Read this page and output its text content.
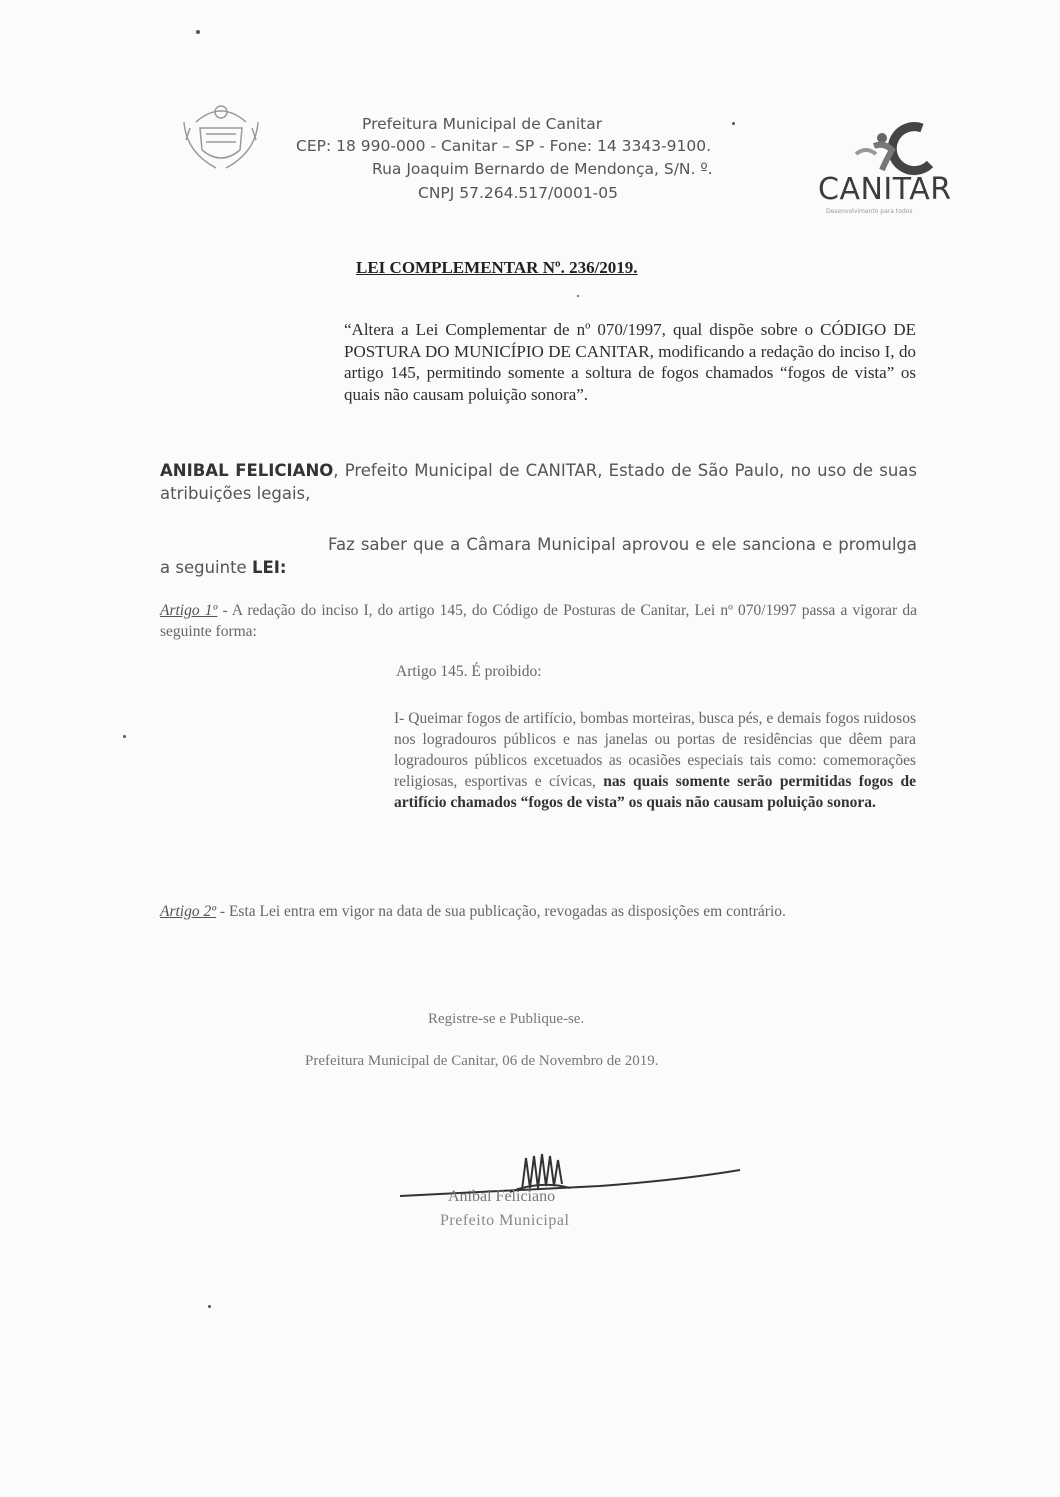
Prefeitura Municipal de Canitar
CEP: 18 990-000 - Canitar – SP - Fone: 14 3343-9100.
Rua Joaquim Bernardo de Mendonça, S/N. º.
CNPJ 57.264.517/0001-05	CANITAR
Desenvolvimento para todos
LEI COMPLEMENTAR Nº. 236/2019.
“Altera a Lei Complementar de nº 070/1997, qual dispõe sobre o CÓDIGO DE POSTURA DO MUNICÍPIO DE CANITAR, modificando a redação do inciso I, do artigo 145, permitindo somente a soltura de fogos chamados “fogos de vista” os quais não causam poluição sonora”.
ANIBAL FELICIANO, Prefeito Municipal de CANITAR, Estado de São Paulo, no uso de suas atribuições legais,
Faz saber que a Câmara Municipal aprovou e ele sanciona e promulga a seguinte LEI:
Artigo 1º - A redação do inciso I, do artigo 145, do Código de Posturas de Canitar, Lei nº 070/1997 passa a vigorar da seguinte forma:
Artigo 145. É proibido:
I- Queimar fogos de artifício, bombas morteiras, busca pés, e demais fogos ruidosos nos logradouros públicos e nas janelas ou portas de residências que dêem para logradouros públicos excetuados as ocasiões especiais tais como: comemorações religiosas, esportivas e cívicas, nas quais somente serão permitidas fogos de artifício chamados “fogos de vista” os quais não causam poluição sonora.
Artigo 2º - Esta Lei entra em vigor na data de sua publicação, revogadas as disposições em contrário.
Registre-se e Publique-se.
Prefeitura Municipal de Canitar, 06 de Novembro de 2019.
Anibal Feliciano
Prefeito Municipal
